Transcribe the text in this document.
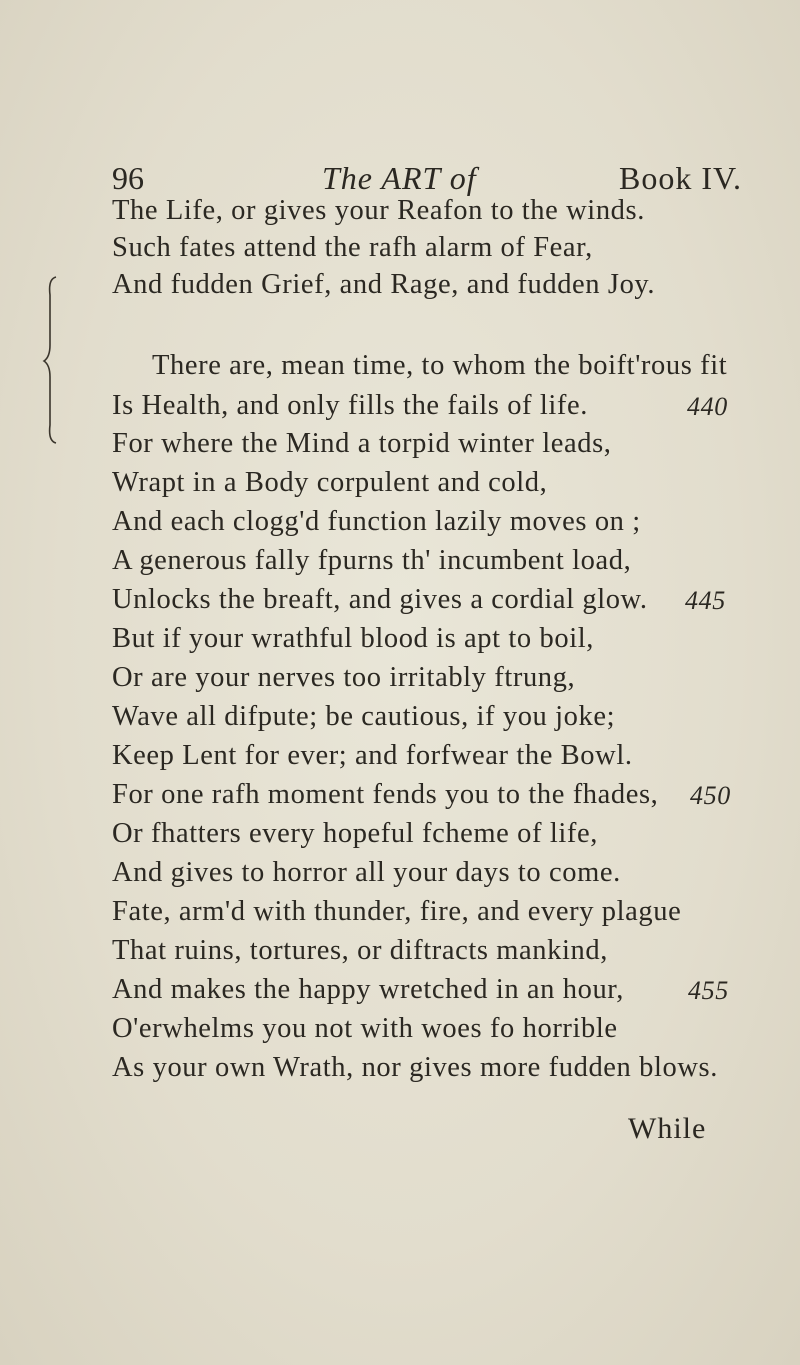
96	The ART of	Book IV.
The Life, or gives your Reafon to the winds.
Such fates attend the rafh alarm of Fear,
And fudden Grief, and Rage, and fudden Joy.
There are, mean time, to whom the boift'rous fit
Is Health, and only fills the fails of life.	440
For where the Mind a torpid winter leads,
Wrapt in a Body corpulent and cold,
And each clogg'd function lazily moves on ;
A generous fally fpurns th' incumbent load,
Unlocks the breaft, and gives a cordial glow. 445
But if your wrathful blood is apt to boil,
Or are your nerves too irritably ftrung,
Wave all difpute; be cautious, if you joke;
Keep Lent for ever; and forfwear the Bowl.
For one rafh moment fends you to the fhades, 450
Or fhatters every hopeful fcheme of life,
And gives to horror all your days to come.
Fate, arm'd with thunder, fire, and every plague
That ruins, tortures, or diftracts mankind,
And makes the happy wretched in an hour, 455
O'erwhelms you not with woes fo horrible
As your own Wrath, nor gives more fudden blows.
While
